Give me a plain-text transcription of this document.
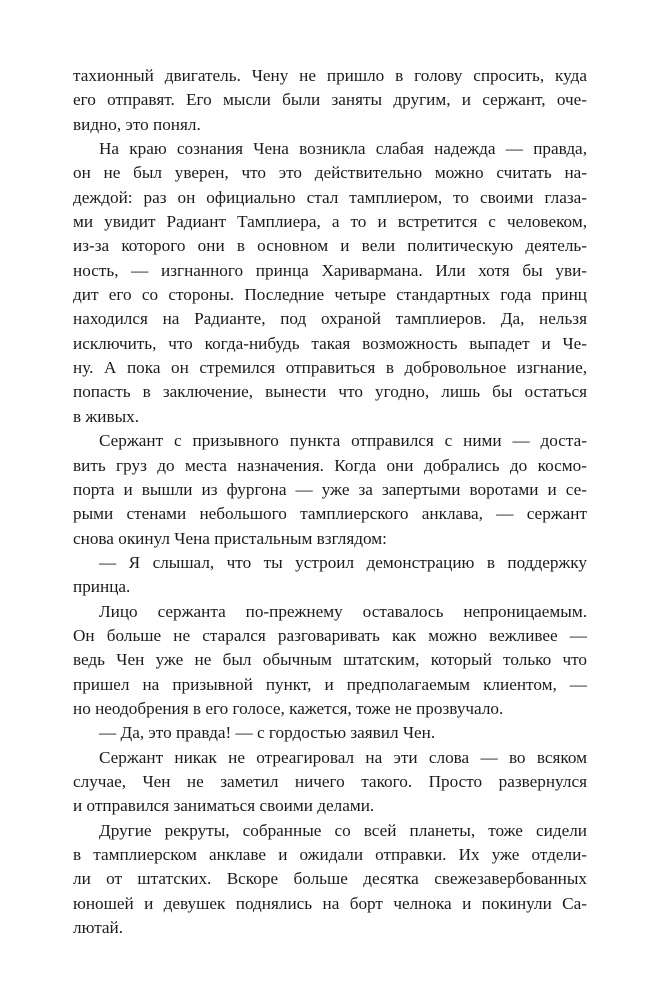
тахионный двигатель. Чену не пришло в голову спросить, куда
его отправят. Его мысли были заняты другим, и сержант, оче-
видно, это понял.
На краю сознания Чена возникла слабая надежда — правда,
он не был уверен, что это действительно можно считать на-
деждой: раз он официально стал тамплиером, то своими глаза-
ми увидит Радиант Тамплиера, а то и встретится с человеком,
из-за которого они в основном и вели политическую деятель-
ность, — изгнанного принца Харивармана. Или хотя бы уви-
дит его со стороны. Последние четыре стандартных года принц
находился на Радианте, под охраной тамплиеров. Да, нельзя
исключить, что когда-нибудь такая возможность выпадет и Че-
ну. А пока он стремился отправиться в добровольное изгнание,
попасть в заключение, вынести что угодно, лишь бы остаться
в живых.
Сержант с призывного пункта отправился с ними — доста-
вить груз до места назначения. Когда они добрались до космо-
порта и вышли из фургона — уже за запертыми воротами и се-
рыми стенами небольшого тамплиерского анклава, — сержант
снова окинул Чена пристальным взглядом:
— Я слышал, что ты устроил демонстрацию в поддержку
принца.
Лицо сержанта по-прежнему оставалось непроницаемым.
Он больше не старался разговаривать как можно вежливее —
ведь Чен уже не был обычным штатским, который только что
пришел на призывной пункт, и предполагаемым клиентом, —
но неодобрения в его голосе, кажется, тоже не прозвучало.
— Да, это правда! — с гордостью заявил Чен.
Сержант никак не отреагировал на эти слова — во всяком
случае, Чен не заметил ничего такого. Просто развернулся
и отправился заниматься своими делами.
Другие рекруты, собранные со всей планеты, тоже сидели
в тамплиерском анклаве и ожидали отправки. Их уже отдели-
ли от штатских. Вскоре больше десятка свежезавербованных
юношей и девушек поднялись на борт челнока и покинули Са-
лютай.
